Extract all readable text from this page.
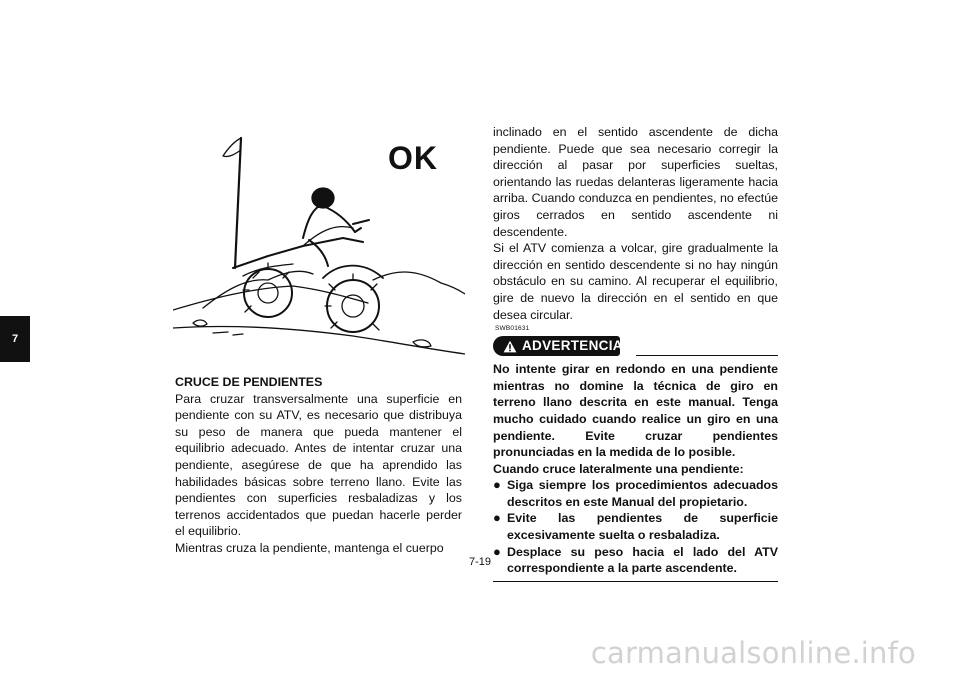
7
OK

CRUCE DE PENDIENTES

Para cruzar transversalmente una superficie en pendiente con su ATV, es necesario que distribuya su peso de manera que pueda mantener el equilibrio adecuado. Antes de intentar cruzar una pendiente, asegúrese de que ha aprendido las habilidades básicas sobre terreno llano. Evite las pendientes con superficies resbaladizas y los terrenos accidentados que puedan hacerle perder el equilibrio.

Mientras cruza la pendiente, mantenga el cuerpo

inclinado en el sentido ascendente de dicha pendiente. Puede que sea necesario corregir la dirección al pasar por superficies sueltas, orientando las ruedas delanteras ligeramente hacia arriba. Cuando conduzca en pendientes, no efectúe giros cerrados en sentido ascendente ni descendente.

Si el ATV comienza a volcar, gire gradualmente la dirección en sentido descendente si no hay ningún obstáculo en su camino. Al recuperar el equilibrio, gire de nuevo la dirección en el sentido en que desea circular.

SWB01631
ADVERTENCIA

No intente girar en redondo en una pendiente mientras no domine la técnica de giro en terreno llano descrita en este manual. Tenga mucho cuidado cuando realice un giro en una pendiente. Evite cruzar pendientes pronunciadas en la medida de lo posible.

Cuando cruce lateralmente una pendiente:

● Siga siempre los procedimientos adecuados descritos en este Manual del propietario.
● Evite las pendientes de superficie excesivamente suelta o resbaladiza.
● Desplace su peso hacia el lado del ATV correspondiente a la parte ascendente.
7-19
carmanualsonline.info
